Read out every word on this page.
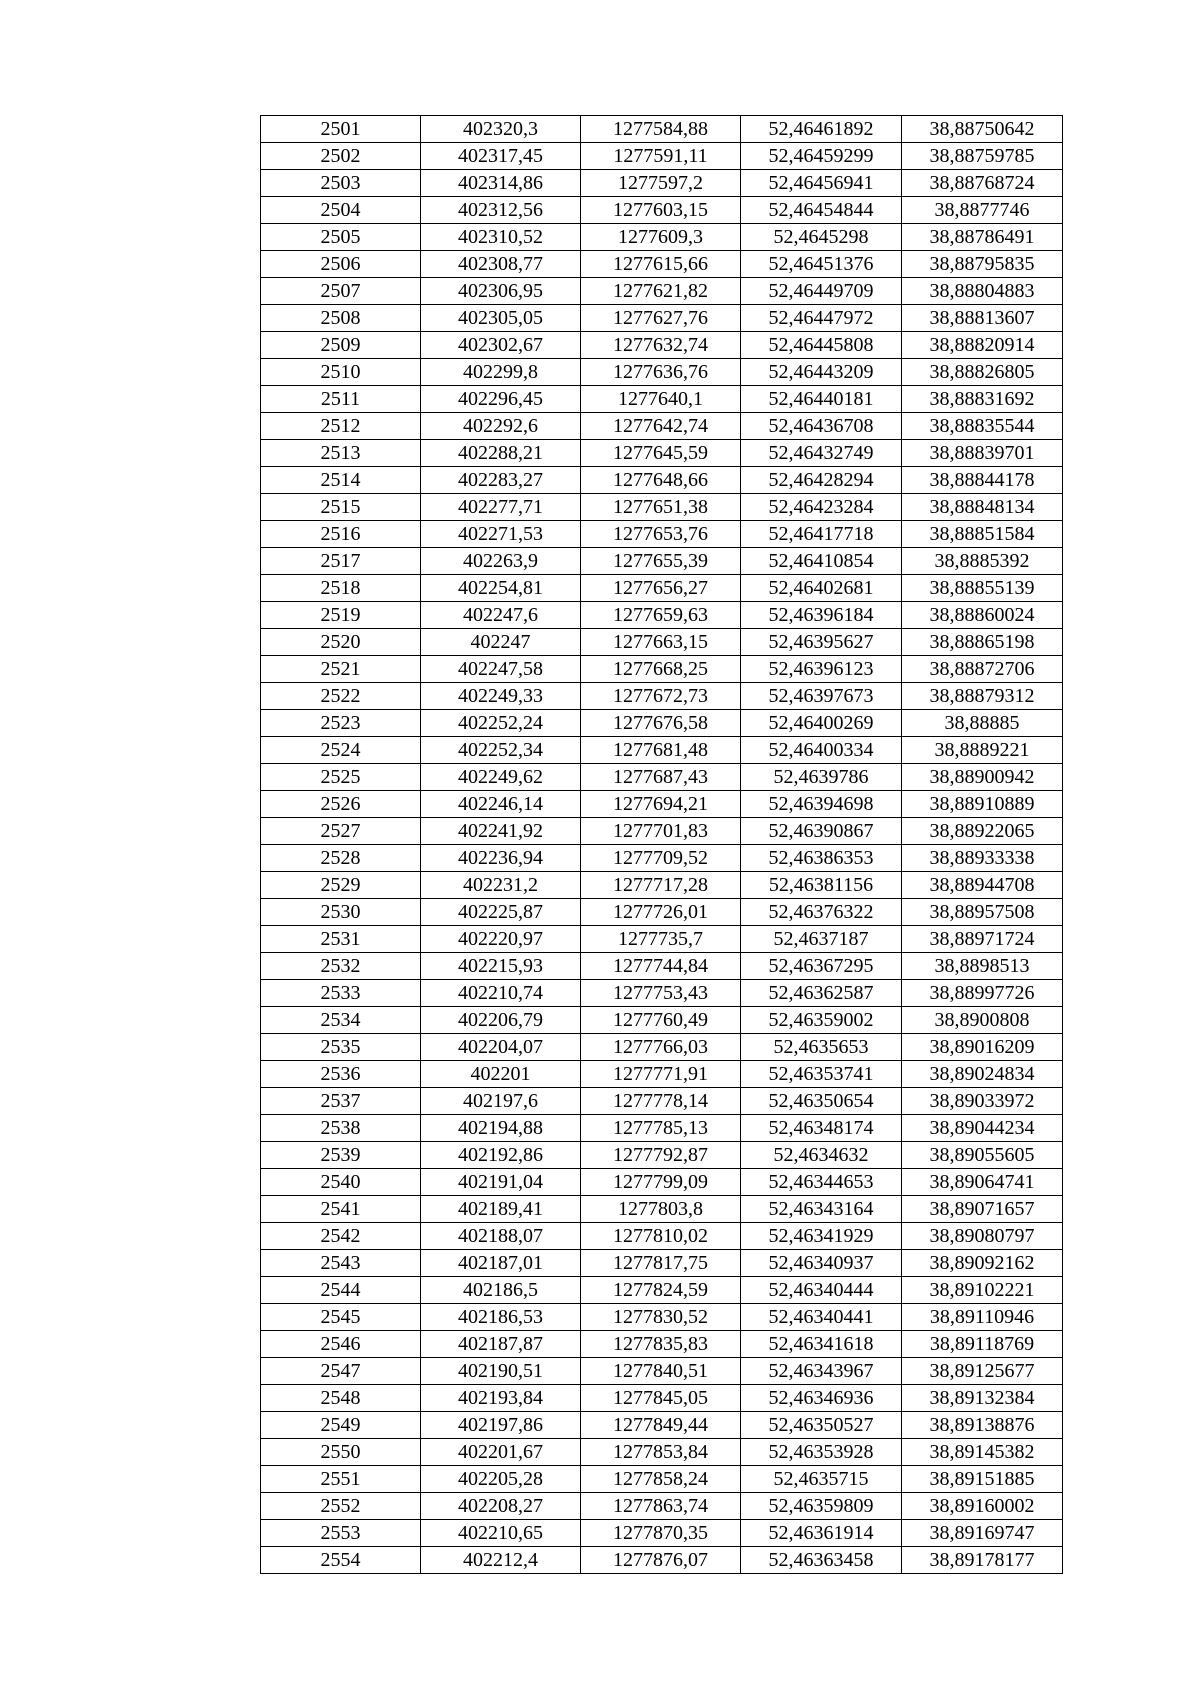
2501	402320,3	1277584,88	52,46461892	38,88750642
2502	402317,45	1277591,11	52,46459299	38,88759785
2503	402314,86	1277597,2	52,46456941	38,88768724
2504	402312,56	1277603,15	52,46454844	38,8877746
2505	402310,52	1277609,3	52,4645298	38,88786491
2506	402308,77	1277615,66	52,46451376	38,88795835
2507	402306,95	1277621,82	52,46449709	38,88804883
2508	402305,05	1277627,76	52,46447972	38,88813607
2509	402302,67	1277632,74	52,46445808	38,88820914
2510	402299,8	1277636,76	52,46443209	38,88826805
2511	402296,45	1277640,1	52,46440181	38,88831692
2512	402292,6	1277642,74	52,46436708	38,88835544
2513	402288,21	1277645,59	52,46432749	38,88839701
2514	402283,27	1277648,66	52,46428294	38,88844178
2515	402277,71	1277651,38	52,46423284	38,88848134
2516	402271,53	1277653,76	52,46417718	38,88851584
2517	402263,9	1277655,39	52,46410854	38,8885392
2518	402254,81	1277656,27	52,46402681	38,88855139
2519	402247,6	1277659,63	52,46396184	38,88860024
2520	402247	1277663,15	52,46395627	38,88865198
2521	402247,58	1277668,25	52,46396123	38,88872706
2522	402249,33	1277672,73	52,46397673	38,88879312
2523	402252,24	1277676,58	52,46400269	38,88885
2524	402252,34	1277681,48	52,46400334	38,8889221
2525	402249,62	1277687,43	52,4639786	38,88900942
2526	402246,14	1277694,21	52,46394698	38,88910889
2527	402241,92	1277701,83	52,46390867	38,88922065
2528	402236,94	1277709,52	52,46386353	38,88933338
2529	402231,2	1277717,28	52,46381156	38,88944708
2530	402225,87	1277726,01	52,46376322	38,88957508
2531	402220,97	1277735,7	52,4637187	38,88971724
2532	402215,93	1277744,84	52,46367295	38,8898513
2533	402210,74	1277753,43	52,46362587	38,88997726
2534	402206,79	1277760,49	52,46359002	38,8900808
2535	402204,07	1277766,03	52,4635653	38,89016209
2536	402201	1277771,91	52,46353741	38,89024834
2537	402197,6	1277778,14	52,46350654	38,89033972
2538	402194,88	1277785,13	52,46348174	38,89044234
2539	402192,86	1277792,87	52,4634632	38,89055605
2540	402191,04	1277799,09	52,46344653	38,89064741
2541	402189,41	1277803,8	52,46343164	38,89071657
2542	402188,07	1277810,02	52,46341929	38,89080797
2543	402187,01	1277817,75	52,46340937	38,89092162
2544	402186,5	1277824,59	52,46340444	38,89102221
2545	402186,53	1277830,52	52,46340441	38,89110946
2546	402187,87	1277835,83	52,46341618	38,89118769
2547	402190,51	1277840,51	52,46343967	38,89125677
2548	402193,84	1277845,05	52,46346936	38,89132384
2549	402197,86	1277849,44	52,46350527	38,89138876
2550	402201,67	1277853,84	52,46353928	38,89145382
2551	402205,28	1277858,24	52,4635715	38,89151885
2552	402208,27	1277863,74	52,46359809	38,89160002
2553	402210,65	1277870,35	52,46361914	38,89169747
2554	402212,4	1277876,07	52,46363458	38,89178177
